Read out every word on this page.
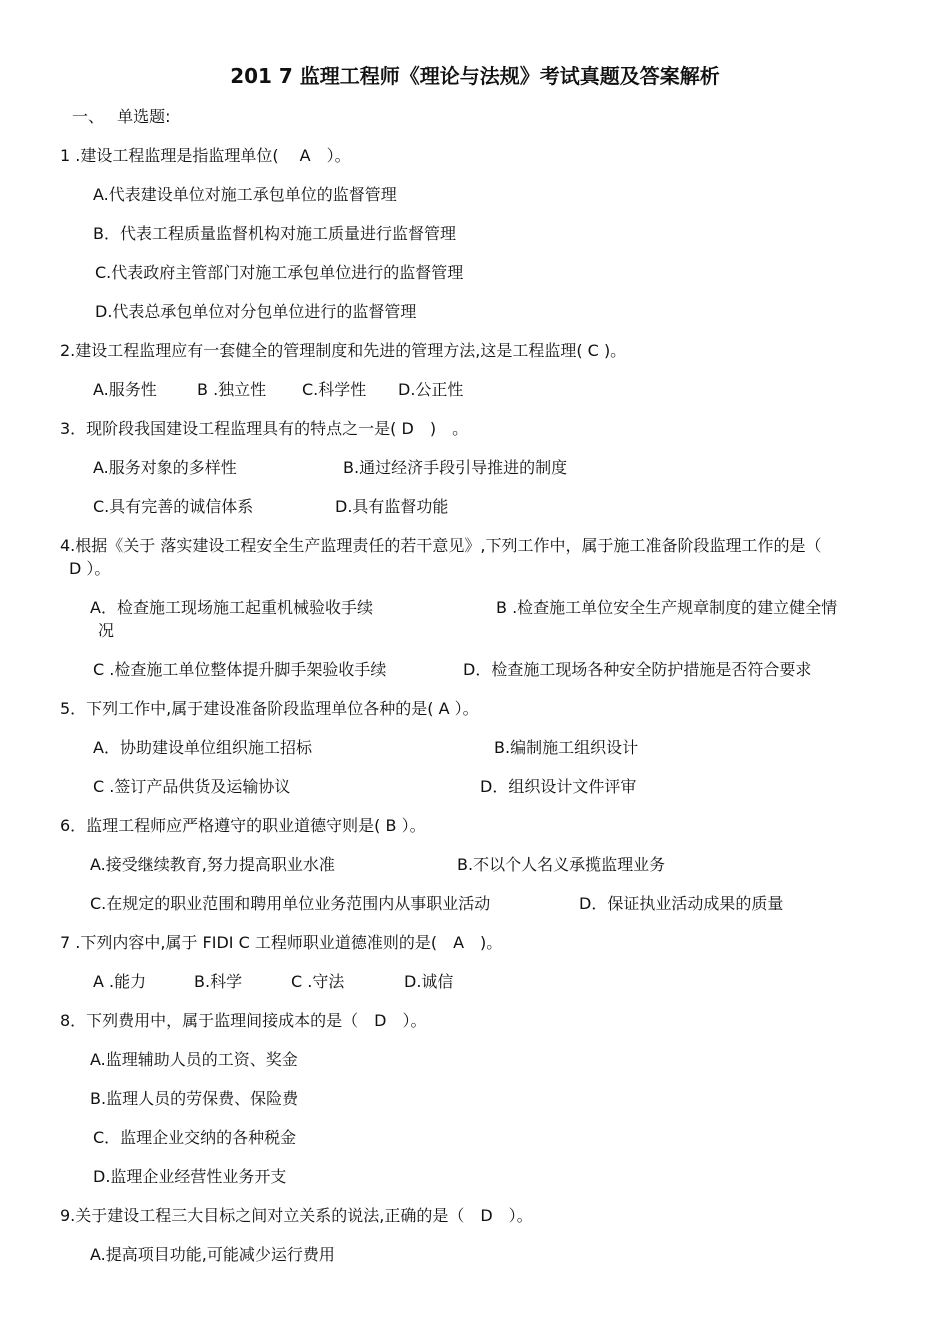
201 7 监理工程师《理论与法规》考试真题及答案解析
一、　 单选题:
1 .建设工程监理是指监理单位(　 A　）。
A.代表建设单位对施工承包单位的监督管理
B．代表工程质量监督机构对施工质量进行监督管理
C.代表政府主管部门对施工承包单位进行的监督管理
D.代表总承包单位对分包单位进行的监督管理
2.建设工程监理应有一套健全的管理制度和先进的管理方法,这是工程监理( C )。
A.服务性	B .独立性 C.科学性 D.公正性
3．现阶段我国建设工程监理具有的特点之一是( D　)　。
A.服务对象的多样性	B.通过经济手段引导推进的制度
C.具有完善的诚信体系	D.具有监督功能
4.根据《关于 落实建设工程安全生产监理责任的若干意见》,下列工作中，属于施工准备阶段监理工作的是（
D ）。
A．检查施工现场施工起重机械验收手续	B .检查施工单位安全生产规章制度的建立健全情
况
C .检查施工单位整体提升脚手架验收手续	D．检查施工现场各种安全防护措施是否符合要求
5．下列工作中,属于建设准备阶段监理单位各种的是( A ）。
A．协助建设单位组织施工招标	B.编制施工组织设计
C .签订产品供货及运输协议	D．组织设计文件评审
6．监理工程师应严格遵守的职业道德守则是( B ）。
A.接受继续教育,努力提高职业水准	B.不以个人名义承揽监理业务
C.在规定的职业范围和聘用单位业务范围内从事职业活动	D．保证执业活动成果的质量
7 .下列内容中,属于 FIDI C 工程师职业道德准则的是(　A　)。
A .能力	B.科学	C .守法	D.诚信
8．下列费用中，属于监理间接成本的是（　D　）。
A.监理辅助人员的工资、奖金
B.监理人员的劳保费、保险费
C．监理企业交纳的各种税金
D.监理企业经营性业务开支
9.关于建设工程三大目标之间对立关系的说法,正确的是（　D　）。
A.提高项目功能,可能减少运行费用
